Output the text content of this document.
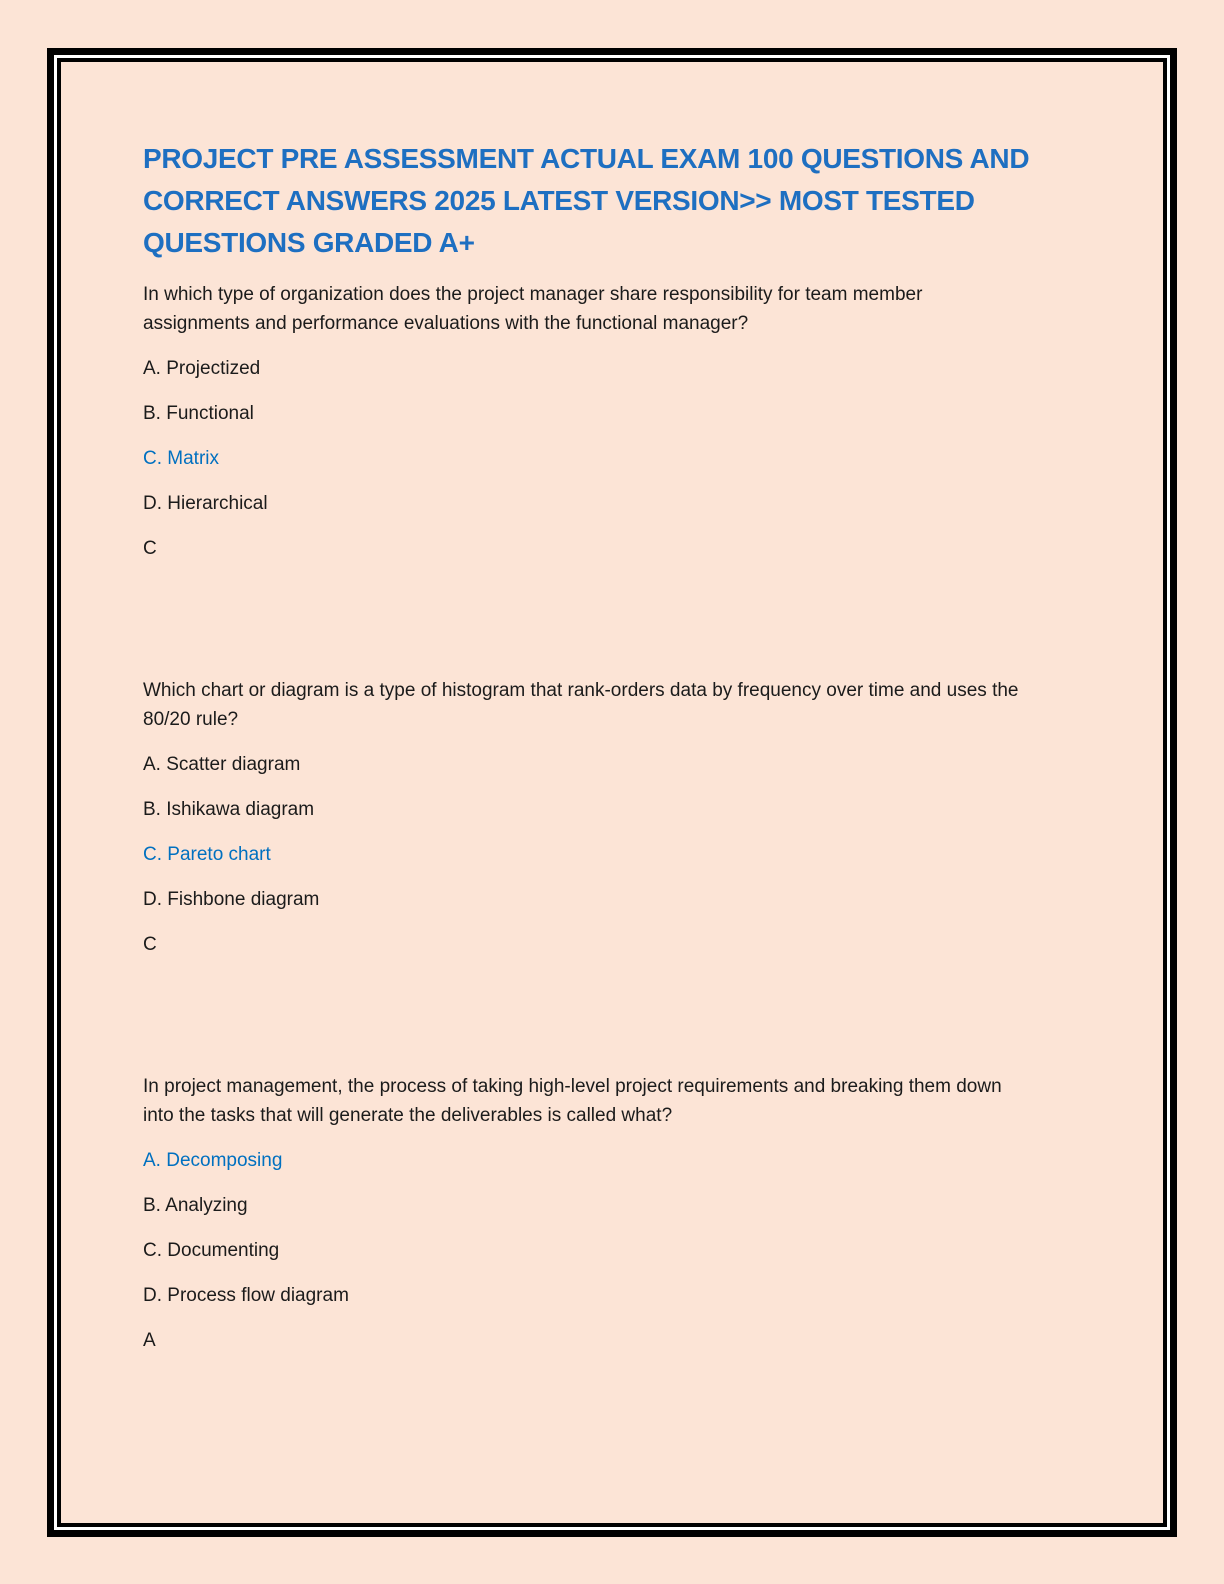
PROJECT PRE ASSESSMENT ACTUAL EXAM 100 QUESTIONS AND
CORRECT ANSWERS 2025 LATEST VERSION>> MOST TESTED
QUESTIONS GRADED A+
In which type of organization does the project manager share responsibility for team member
assignments and performance evaluations with the functional manager?
A. Projectized
B. Functional
C. Matrix
D. Hierarchical
C
Which chart or diagram is a type of histogram that rank-orders data by frequency over time and uses the
80/20 rule?
A. Scatter diagram
B. Ishikawa diagram
C. Pareto chart
D. Fishbone diagram
C
In project management, the process of taking high-level project requirements and breaking them down
into the tasks that will generate the deliverables is called what?
A. Decomposing
B. Analyzing
C. Documenting
D. Process flow diagram
A
